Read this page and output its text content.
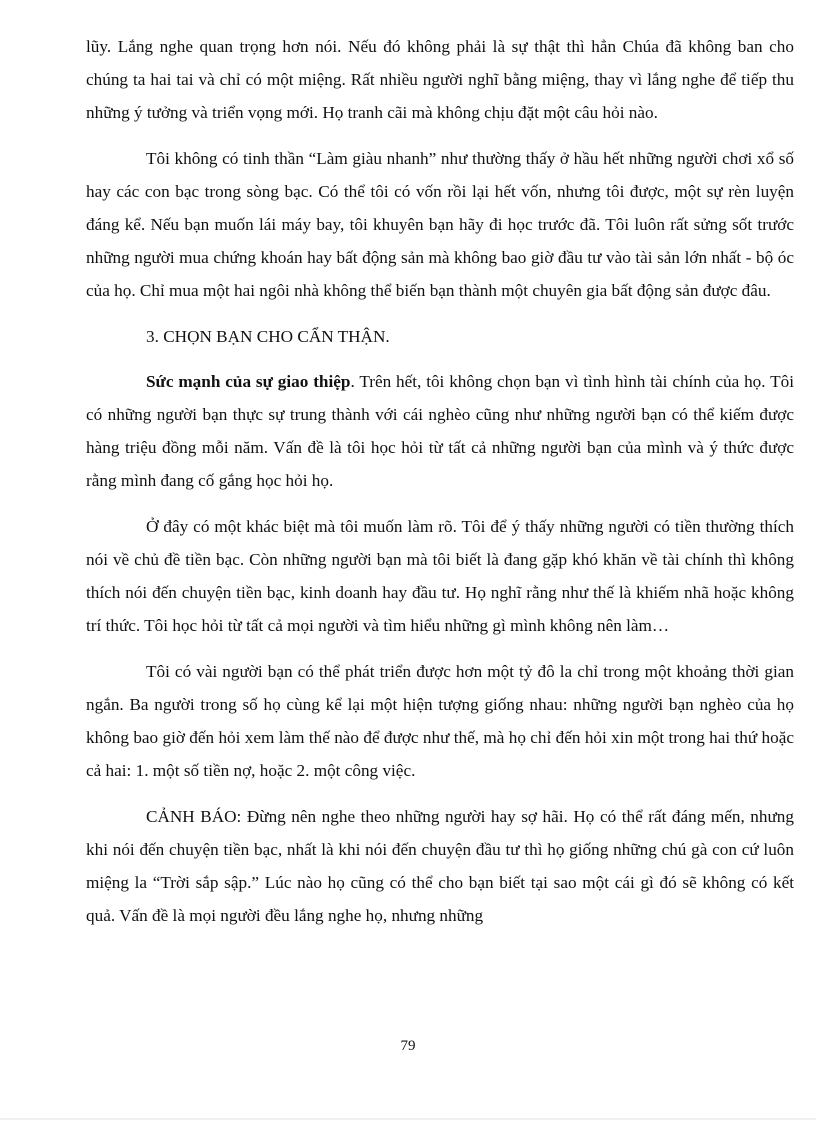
lũy. Lắng nghe quan trọng hơn nói. Nếu đó không phải là sự thật thì hẳn Chúa đã không ban cho chúng ta hai tai và chỉ có một miệng. Rất nhiều người nghĩ bằng miệng, thay vì lắng nghe để tiếp thu những ý tưởng và triển vọng mới. Họ tranh cãi mà không chịu đặt một câu hỏi nào.

Tôi không có tinh thần “Làm giàu nhanh” như thường thấy ở hầu hết những người chơi xổ số hay các con bạc trong sòng bạc. Có thể tôi có vốn rồi lại hết vốn, nhưng tôi được, một sự rèn luyện đáng kể. Nếu bạn muốn lái máy bay, tôi khuyên bạn hãy đi học trước đã. Tôi luôn rất sửng sốt trước những người mua chứng khoán hay bất động sản mà không bao giờ đầu tư vào tài sản lớn nhất - bộ óc của họ. Chỉ mua một hai ngôi nhà không thể biến bạn thành một chuyên gia bất động sản được đâu.

3. CHỌN BẠN CHO CẨN THẬN.

Sức mạnh của sự giao thiệp. Trên hết, tôi không chọn bạn vì tình hình tài chính của họ. Tôi có những người bạn thực sự trung thành với cái nghèo cũng như những người bạn có thể kiếm được hàng triệu đồng mỗi năm. Vấn đề là tôi học hỏi từ tất cả những người bạn của mình và ý thức được rằng mình đang cố gắng học hỏi họ.

Ở đây có một khác biệt mà tôi muốn làm rõ. Tôi để ý thấy những người có tiền thường thích nói về chủ đề tiền bạc. Còn những người bạn mà tôi biết là đang gặp khó khăn về tài chính thì không thích nói đến chuyện tiền bạc, kinh doanh hay đầu tư. Họ nghĩ rằng như thế là khiếm nhã hoặc không trí thức. Tôi học hỏi từ tất cả mọi người và tìm hiểu những gì mình không nên làm…

Tôi có vài người bạn có thể phát triển được hơn một tỷ đô la chỉ trong một khoảng thời gian ngắn. Ba người trong số họ cùng kể lại một hiện tượng giống nhau: những người bạn nghèo của họ không bao giờ đến hỏi xem làm thế nào để được như thế, mà họ chỉ đến hỏi xin một trong hai thứ hoặc cả hai: 1. một số tiền nợ, hoặc 2. một công việc.

CẢNH BÁO: Đừng nên nghe theo những người hay sợ hãi. Họ có thể rất đáng mến, nhưng khi nói đến chuyện tiền bạc, nhất là khi nói đến chuyện đầu tư thì họ giống những chú gà con cứ luôn miệng la “Trời sắp sập.” Lúc nào họ cũng có thể cho bạn biết tại sao một cái gì đó sẽ không có kết quả. Vấn đề là mọi người đều lắng nghe họ, nhưng những

79
